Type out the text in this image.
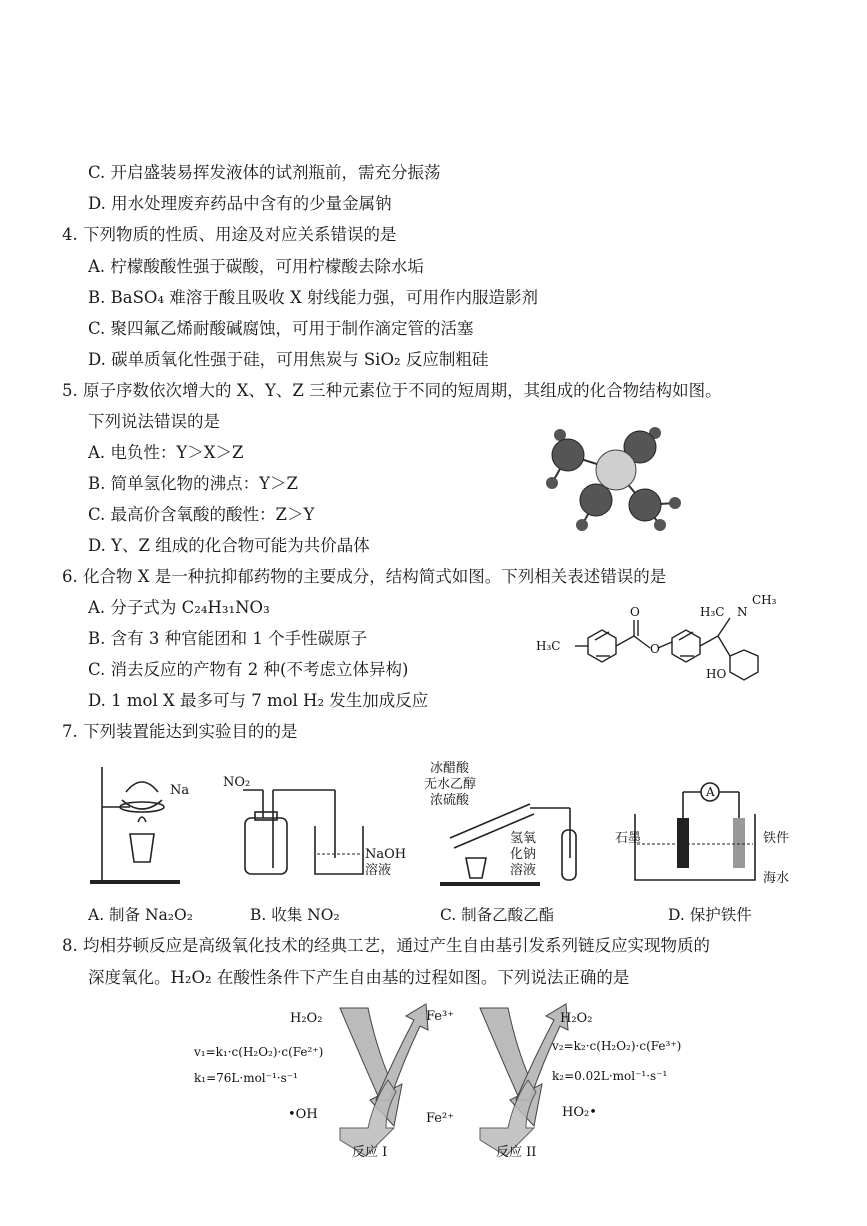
C. 开启盛装易挥发液体的试剂瓶前，需充分振荡
D. 用水处理废弃药品中含有的少量金属钠
4. 下列物质的性质、用途及对应关系错误的是
A. 柠檬酸酸性强于碳酸，可用柠檬酸去除水垢
B. BaSO₄ 难溶于酸且吸收 X 射线能力强，可用作内服造影剂
C. 聚四氟乙烯耐酸碱腐蚀，可用于制作滴定管的活塞
D. 碳单质氧化性强于硅，可用焦炭与 SiO₂ 反应制粗硅
5. 原子序数依次增大的 X、Y、Z 三种元素位于不同的短周期，其组成的化合物结构如图。
下列说法错误的是
A. 电负性：Y＞X＞Z
B. 简单氢化物的沸点：Y＞Z
C. 最高价含氧酸的酸性：Z＞Y
D. Y、Z 组成的化合物可能为共价晶体
6. 化合物 X 是一种抗抑郁药物的主要成分，结构简式如图。下列相关表述错误的是
A. 分子式为 C₂₄H₃₁NO₃
B. 含有 3 种官能团和 1 个手性碳原子
C. 消去反应的产物有 2 种(不考虑立体异构)
D. 1 mol X 最多可与 7 mol H₂ 发生加成反应
H₃C	O
O	H₃C N
CH₃
HO
7. 下列装置能达到实验目的的是
Na
NO₂
NaOH
溶液
冰醋酸
无水乙醇
浓硫酸
氢氧
化钠
溶液
A
石墨	铁件
海水
A. 制备 Na₂O₂	B. 收集 NO₂	C. 制备乙酸乙酯	D. 保护铁件
8. 均相芬顿反应是高级氧化技术的经典工艺，通过产生自由基引发系列链反应实现物质的
深度氧化。H₂O₂ 在酸性条件下产生自由基的过程如图。下列说法正确的是
H₂O₂	Fe³⁺
v₁=k₁·c(H₂O₂)·c(Fe²⁺)
k₁=76L·mol⁻¹·s⁻¹
•OH	Fe²⁺
反应 I
H₂O₂
v₂=k₂·c(H₂O₂)·c(Fe³⁺)
k₂=0.02L·mol⁻¹·s⁻¹
HO₂•
反应 II
